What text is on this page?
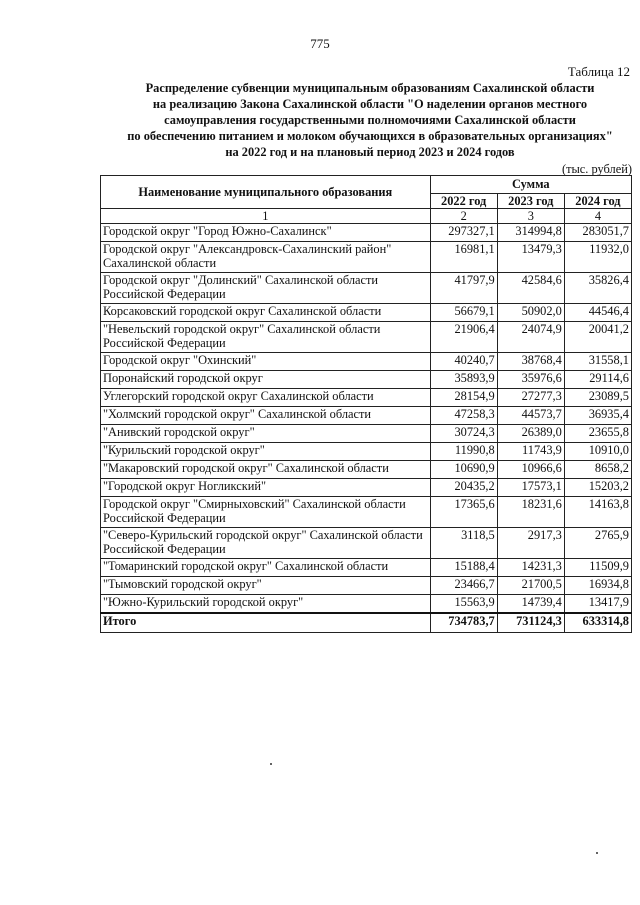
775
Таблица 12
Распределение субвенции муниципальным образованиям Сахалинской области
на реализацию Закона Сахалинской области "О наделении органов местного
самоуправления государственными полномочиями Сахалинской области
по обеспечению питанием и молоком обучающихся в образовательных организациях"
на 2022 год и на плановый период 2023 и 2024 годов
(тыс. рублей)
Наименование муниципального образования	Сумма		
	2022 год	2023 год	2024 год
1	2	3	4
Городской округ "Город Южно-Сахалинск"	297327,1	314994,8	283051,7
Городской округ "Александровск-Сахалинский район" Сахалинской области	16981,1	13479,3	11932,0
Городской округ "Долинский" Сахалинской области Российской Федерации	41797,9	42584,6	35826,4
Корсаковский городской округ Сахалинской области	56679,1	50902,0	44546,4
"Невельский городской округ" Сахалинской области Российской Федерации	21906,4	24074,9	20041,2
Городской округ "Охинский"	40240,7	38768,4	31558,1
Поронайский городской округ	35893,9	35976,6	29114,6
Углегорский городской округ Сахалинской области	28154,9	27277,3	23089,5
"Холмский городской округ" Сахалинской области	47258,3	44573,7	36935,4
"Анивский городской округ"	30724,3	26389,0	23655,8
"Курильский городской округ"	11990,8	11743,9	10910,0
"Макаровский городской округ" Сахалинской области	10690,9	10966,6	8658,2
"Городской округ Ногликский"	20435,2	17573,1	15203,2
Городской округ "Смирныховский" Сахалинской области Российской Федерации	17365,6	18231,6	14163,8
"Северо-Курильский городской округ" Сахалинской области Российской Федерации	3118,5	2917,3	2765,9
"Томаринский городской округ" Сахалинской области	15188,4	14231,3	11509,9
"Тымовский городской округ"	23466,7	21700,5	16934,8
"Южно-Курильский городской округ"	15563,9	14739,4	13417,9
Итого	734783,7	731124,3	633314,8
